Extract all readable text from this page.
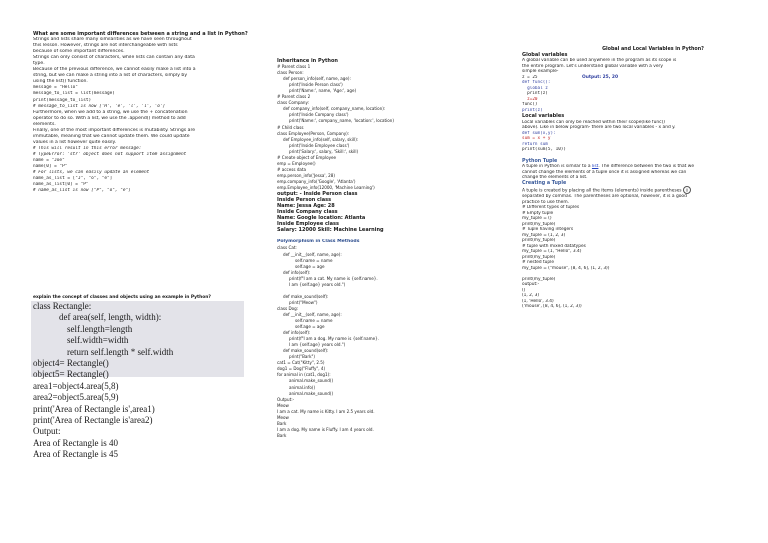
What are some important differences between a string and a list in Python?
Strings and lists share many similarities as we have seen throughout
this lesson. However, strings are not interchangeable with lists
because of some important differences.
Strings can only consist of characters, while lists can contain any data
type.
Because of the previous difference, we cannot easily make a list into a
string, but we can make a string into a list of characters, simply by
using the list() function.
message = "Hello"
message_to_list = list(message)
print(message_to_list)
# message_to_list is now ['H', 'e', 'l', 'l', 'o']
Furthermore, when we add to a string, we use the + concatenation
operator to do so. With a list, we use the .append() method to add
elements.
Finally, one of the most important differences is mutability. Strings are
immutable, meaning that we cannot update them. We could update
values in a list however quite easily.
# This will result in this error message:
# TypeError: 'str' object does not support item assignment
name = "Joe"
name[0] = "P"
# For lists, we can easily update an element
name_as_list = ["J", "o", "e"]
name_as_list[0] = "P"
# name_as_list is now ["P", "o", "e"]
explain the concept of classes and objects using an example in Python?
class Rectangle:
def area(self, length, width):
self.length=length
self.width=width
return self.length * self.width
object4= Rectangle()
object5= Rectangle()
area1=object4.area(5,8)
area2=object5.area(5,9)
print('Area of Rectangle is',area1)
print('Area of Rectangle is'area2)
Output:
Area of Rectangle is 40
Area of Rectangle is 45
Inheritance in Python
# Parent class 1
class Person:
def person_info(self, name, age):
print('Inside Person class')
print('Name:', name, 'Age:', age)
# Parent class 2
class Company:
def company_info(self, company_name, location):
print('Inside Company class')
print('Name:', company_name, 'location:', location)
# Child class
class Employee(Person, Company):
def Employee_info(self, salary, skill):
print('Inside Employee class')
print('Salary:', salary, 'Skill:', skill)
# Create object of Employee
emp = Employee()
# access data
emp.person_info('Jessa', 28)
emp.company_info('Google', 'Atlanta')
emp.Employee_info(12000, 'Machine Learning')
output: - Inside Person class
Inside Person class
Name: Jessa Age: 28
Inside Company class
Name: Google location: Atlanta
Inside Employee class
Salary: 12000 Skill: Machine Learning

Polymorphism in Class Methods
class Cat:
def __init__(self, name, age):
self.name = name
self.age = age
def info(self):
print(f"I am a cat. My name is {self.name}.
I am {self.age} years old.")

def make_sound(self):
print("Meow")
class Dog:
def __init__(self, name, age):
self.name = name
self.age = age
def info(self):
print(f"I am a dog. My name is {self.name}.
I am {self.age} years old.")
def make_sound(self):
print("Bark")
cat1 = Cat("Kitty", 2.5)
dog1 = Dog("Fluffy", 4)
for animal in (cat1, dog1):
animal.make_sound()
animal.info()
animal.make_sound()
Output:-
Meow
I am a cat. My name is Kitty. I am 2.5 years old.
Meow
Bark
I am a dog. My name is Fluffy. I am 4 years old.
Bark
Global and Local Variables in Python?
Global variables
A global variable can be used anywhere in the program as its scope is
the entire program. Let's understand global variable with a very
simple example-
z = 25
def func():
global z
print(z)
z=20
func()
print(z)
Output: 25, 20
Local variables
Local variables can only be reached within their scope(like func()
above). Like in below program- there are two local variables - x and y.
def sum(x,y):
sum = x + y
return sum
print(sum(5, 10))
Python Tuple
A tuple in Python is similar to a list. The difference between the two is that we
cannot change the elements of a tuple once it is assigned whereas we can
change the elements of a list.
Creating a Tuple
A tuple is created by placing all the items (elements) inside parentheses ()
separated by commas. The parentheses are optional, however, it is a good
practice to use them.
# Different types of tuples
# Empty tuple
my_tuple = ()
print(my_tuple)
# Tuple having integers
my_tuple = (1, 2, 3)
print(my_tuple)
# tuple with mixed datatypes
my_tuple = (1, "Hello", 3.4)
print(my_tuple)
# nested tuple
my_tuple = ("mouse", [8, 4, 6], (1, 2, 3))

print(my_tuple)
output:-
()
(1, 2, 3)
(1, 'Hello', 3.4)
('mouse', [8, 4, 6], (1, 2, 3))
